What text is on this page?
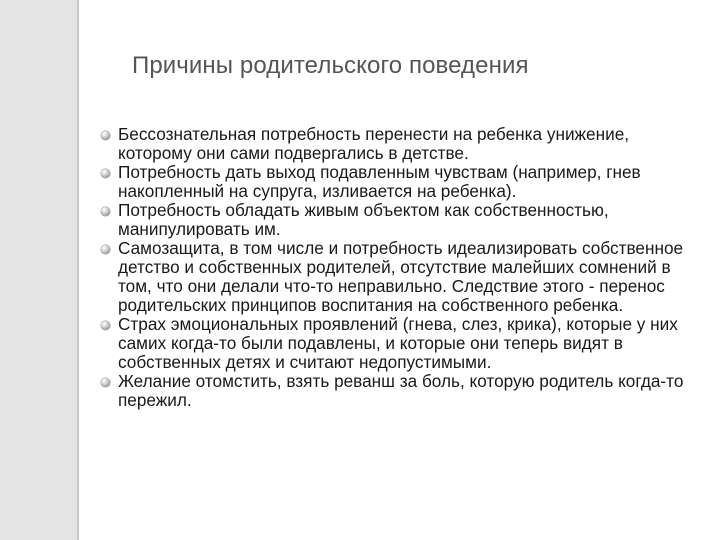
Причины родительского поведения
Бессознательная потребность перенести на ребенка унижение, которому они сами подвергались в детстве.
Потребность дать выход подавленным чувствам (например, гнев накопленный на супруга, изливается на ребенка).
Потребность обладать живым объектом как собственностью, манипулировать им.
Самозащита, в том числе и потребность идеализировать собственное детство и собственных родителей, отсутствие малейших сомнений в том, что они делали что-то неправильно. Следствие этого - перенос родительских принципов воспитания на собственного ребенка.
Страх эмоциональных проявлений (гнева, слез, крика), которые у них самих когда-то были подавлены, и которые они теперь видят в собственных детях и считают недопустимыми.
Желание отомстить, взять реванш за боль, которую родитель когда-то пережил.
